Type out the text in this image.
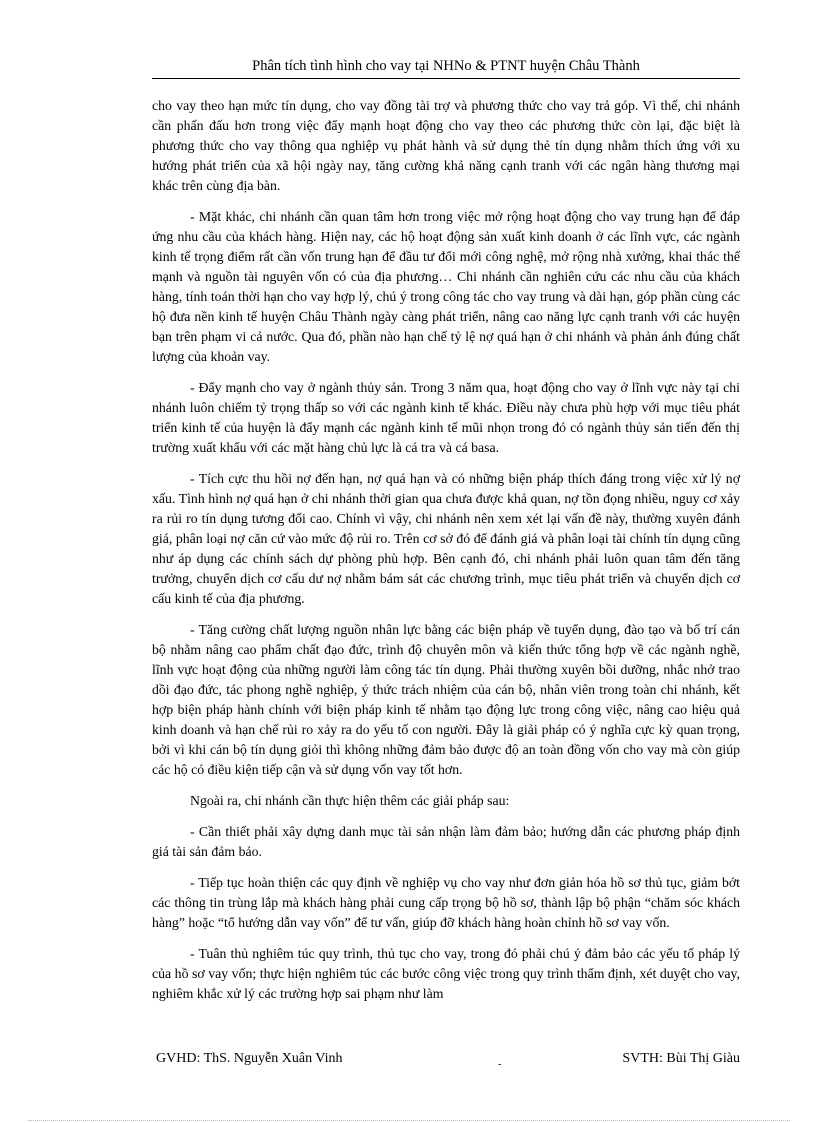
Phân tích tình hình cho vay tại NHNo & PTNT huyện Châu Thành

cho vay theo hạn mức tín dụng, cho vay đồng tài trợ và phương thức cho vay trả góp. Vì thế, chi nhánh cần phấn đấu hơn trong việc đẩy mạnh hoạt động cho vay theo các phương thức còn lại, đặc biệt là phương thức cho vay thông qua nghiệp vụ phát hành và sử dụng thẻ tín dụng nhằm thích ứng với xu hướng phát triển của xã hội ngày nay, tăng cường khả năng cạnh tranh với các ngân hàng thương mại khác trên cùng địa bàn.

- Mặt khác, chi nhánh cần quan tâm hơn trong việc mở rộng hoạt động cho vay trung hạn để đáp ứng nhu cầu của khách hàng. Hiện nay, các hộ hoạt động sản xuất kinh doanh ở các lĩnh vực, các ngành kinh tế trọng điểm rất cần vốn trung hạn để đầu tư đổi mới công nghệ, mở rộng nhà xưởng, khai thác thế mạnh và nguồn tài nguyên vốn có của địa phương… Chi nhánh cần nghiên cứu các nhu cầu của khách hàng, tính toán thời hạn cho vay hợp lý, chú ý trong công tác cho vay trung và dài hạn, góp phần cùng các hộ đưa nền kinh tế huyện Châu Thành ngày càng phát triển, nâng cao năng lực cạnh tranh với các huyện bạn trên phạm vi cả nước. Qua đó, phần nào hạn chế tỷ lệ nợ quá hạn ở chi nhánh và phản ánh đúng chất lượng của khoản vay.

- Đẩy mạnh cho vay ở ngành thủy sản. Trong 3 năm qua, hoạt động cho vay ở lĩnh vực này tại chi nhánh luôn chiếm tỷ trọng thấp so với các ngành kinh tế khác. Điều này chưa phù hợp với mục tiêu phát triển kinh tế của huyện là đẩy mạnh các ngành kinh tế mũi nhọn trong đó có ngành thủy sản tiến đến thị trường xuất khẩu với các mặt hàng chủ lực là cá tra và cá basa.

- Tích cực thu hồi nợ đến hạn, nợ quá hạn và có những biện pháp thích đáng trong việc xử lý nợ xấu. Tình hình nợ quá hạn ở chi nhánh thời gian qua chưa được khả quan, nợ tồn đọng nhiều, nguy cơ xảy ra rủi ro tín dụng tương đối cao. Chính vì vậy, chi nhánh nên xem xét lại vấn đề này, thường xuyên đánh giá, phân loại nợ căn cứ vào mức độ rủi ro. Trên cơ sở đó để đánh giá và phân loại tài chính tín dụng cũng như áp dụng các chính sách dự phòng phù hợp. Bên cạnh đó, chi nhánh phải luôn quan tâm đến tăng trưởng, chuyển dịch cơ cấu dư nợ nhằm bám sát các chương trình, mục tiêu phát triển và chuyển dịch cơ cấu kinh tế của địa phương.

- Tăng cường chất lượng nguồn nhân lực bằng các biện pháp về tuyển dụng, đào tạo và bố trí cán bộ nhằm nâng cao phẩm chất đạo đức, trình độ chuyên môn và kiến thức tổng hợp về các ngành nghề, lĩnh vực hoạt động của những người làm công tác tín dụng. Phải thường xuyên bồi dưỡng, nhắc nhở trao dồi đạo đức, tác phong nghề nghiệp, ý thức trách nhiệm của cán bộ, nhân viên trong toàn chi nhánh, kết hợp biện pháp hành chính với biện pháp kinh tế nhằm tạo động lực trong công việc, nâng cao hiệu quả kinh doanh và hạn chế rủi ro xảy ra do yếu tố con người. Đây là giải pháp có ý nghĩa cực kỳ quan trọng, bởi vì khi cán bộ tín dụng giỏi thì không những đảm bảo được độ an toàn đồng vốn cho vay mà còn giúp các hộ có điều kiện tiếp cận và sử dụng vốn vay tốt hơn.

Ngoài ra, chi nhánh cần thực hiện thêm các giải pháp sau:

- Cần thiết phải xây dựng danh mục tài sản nhận làm đảm bảo; hướng dẫn các phương pháp định giá tài sản đảm bảo.

- Tiếp tục hoàn thiện các quy định về nghiệp vụ cho vay như đơn giản hóa hồ sơ thủ tục, giảm bớt các thông tin trùng lắp mà khách hàng phải cung cấp trọng bộ hồ sơ, thành lập bộ phận “chăm sóc khách hàng” hoặc “tổ hướng dẫn vay vốn” để tư vấn, giúp đỡ khách hàng hoàn chỉnh hồ sơ vay vốn.

- Tuân thủ nghiêm túc quy trình, thủ tục cho vay, trong đó phải chú ý đảm bảo các yếu tố pháp lý của hồ sơ vay vốn; thực hiện nghiêm túc các bước công việc trong quy trình thẩm định, xét duyệt cho vay, nghiêm khắc xử lý các trường hợp sai phạm như làm

GVHD: ThS. Nguyễn Xuân Vinh	-	SVTH: Bùi Thị Giàu
